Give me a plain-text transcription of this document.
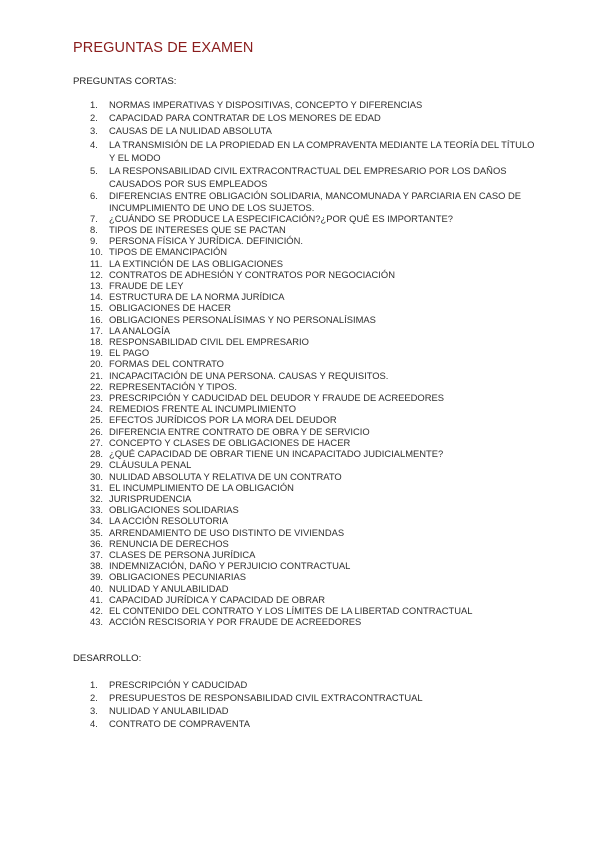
PREGUNTAS DE EXAMEN
PREGUNTAS CORTAS:
1. NORMAS IMPERATIVAS Y DISPOSITIVAS, CONCEPTO Y DIFERENCIAS
2. CAPACIDAD PARA CONTRATAR DE LOS MENORES DE EDAD
3. CAUSAS DE LA NULIDAD ABSOLUTA
4. LA TRANSMISIÓN DE LA PROPIEDAD EN LA COMPRAVENTA MEDIANTE LA TEORÍA DEL TÍTULO Y EL MODO
5. LA RESPONSABILIDAD CIVIL EXTRACONTRACTUAL DEL EMPRESARIO POR LOS DAÑOS CAUSADOS POR SUS EMPLEADOS
6. DIFERENCIAS ENTRE OBLIGACIÓN SOLIDARIA, MANCOMUNADA Y PARCIARIA EN CASO DE INCUMPLIMIENTO DE UNO DE LOS SUJETOS.
7. ¿CUÁNDO SE PRODUCE LA ESPECIFICACIÓN?¿POR QUÉ ES IMPORTANTE?
8. TIPOS DE INTERESES QUE SE PACTAN
9. PERSONA FÍSICA Y JURÍDICA. DEFINICIÓN.
10. TIPOS DE EMANCIPACIÓN
11. LA EXTINCIÓN DE LAS OBLIGACIONES
12. CONTRATOS DE ADHESIÓN Y CONTRATOS POR NEGOCIACIÓN
13. FRAUDE DE LEY
14. ESTRUCTURA DE LA NORMA JURÍDICA
15. OBLIGACIONES DE HACER
16. OBLIGACIONES PERSONALÍSIMAS Y NO PERSONALÍSIMAS
17. LA ANALOGÍA
18. RESPONSABILIDAD CIVIL DEL EMPRESARIO
19. EL PAGO
20. FORMAS DEL CONTRATO
21. INCAPACITACIÓN DE UNA PERSONA. CAUSAS Y REQUISITOS.
22. REPRESENTACIÓN Y TIPOS.
23. PRESCRIPCIÓN Y CADUCIDAD DEL DEUDOR Y FRAUDE DE ACREEDORES
24. REMEDIOS FRENTE AL INCUMPLIMIENTO
25. EFECTOS JURÍDICOS POR LA MORA DEL DEUDOR
26. DIFERENCIA ENTRE CONTRATO DE OBRA Y DE SERVICIO
27. CONCEPTO Y CLASES DE OBLIGACIONES DE HACER
28. ¿QUÉ CAPACIDAD DE OBRAR TIENE UN INCAPACITADO JUDICIALMENTE?
29. CLÁUSULA PENAL
30. NULIDAD ABSOLUTA Y RELATIVA DE UN CONTRATO
31. EL INCUMPLIMIENTO DE LA OBLIGACIÓN
32. JURISPRUDENCIA
33. OBLIGACIONES SOLIDARIAS
34. LA ACCIÓN RESOLUTORIA
35. ARRENDAMIENTO DE USO DISTINTO DE VIVIENDAS
36. RENUNCIA DE DERECHOS
37. CLASES DE PERSONA JURÍDICA
38. INDEMNIZACIÓN, DAÑO Y PERJUICIO CONTRACTUAL
39. OBLIGACIONES PECUNIARIAS
40. NULIDAD Y ANULABILIDAD
41. CAPACIDAD JURÍDICA Y CAPACIDAD DE OBRAR
42. EL CONTENIDO DEL CONTRATO Y LOS LÍMITES DE LA LIBERTAD CONTRACTUAL
43. ACCIÓN RESCISORIA Y POR FRAUDE DE ACREEDORES
DESARROLLO:
1. PRESCRIPCIÓN Y CADUCIDAD
2. PRESUPUESTOS DE RESPONSABILIDAD CIVIL EXTRACONTRACTUAL
3. NULIDAD Y ANULABILIDAD
4. CONTRATO DE COMPRAVENTA
